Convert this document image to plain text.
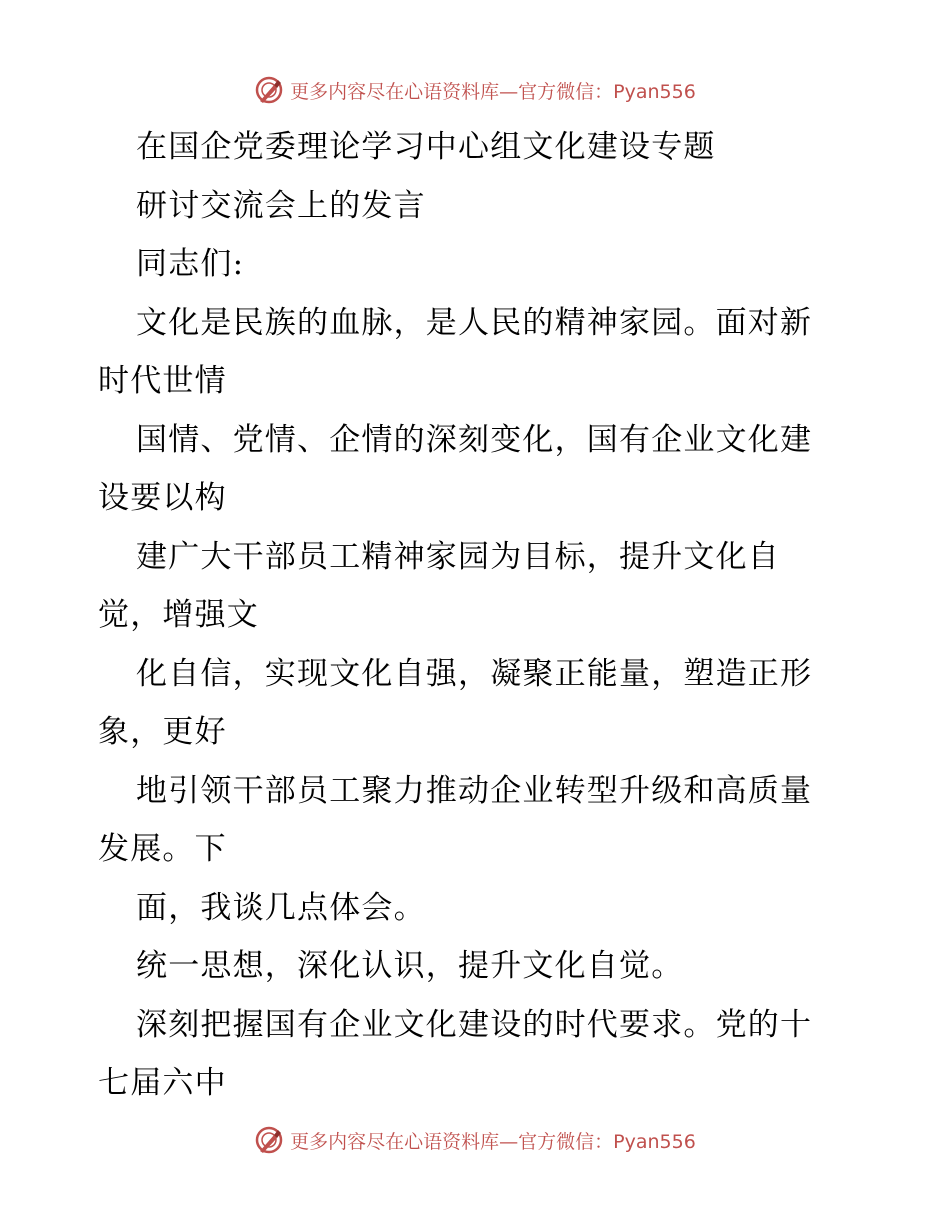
更多内容尽在心语资料库—官方微信：Pyan556
在国企党委理论学习中心组文化建设专题
研讨交流会上的发言
同志们:
文化是民族的血脉，是人民的精神家园。面对新
时代世情
国情、党情、企情的深刻变化，国有企业文化建
设要以构
建广大干部员工精神家园为目标，提升文化自
觉，增强文
化自信，实现文化自强，凝聚正能量，塑造正形
象，更好
地引领干部员工聚力推动企业转型升级和高质量
发展。下
面，我谈几点体会。
统一思想，深化认识，提升文化自觉。
深刻把握国有企业文化建设的时代要求。党的十
七届六中
更多内容尽在心语资料库—官方微信：Pyan556
